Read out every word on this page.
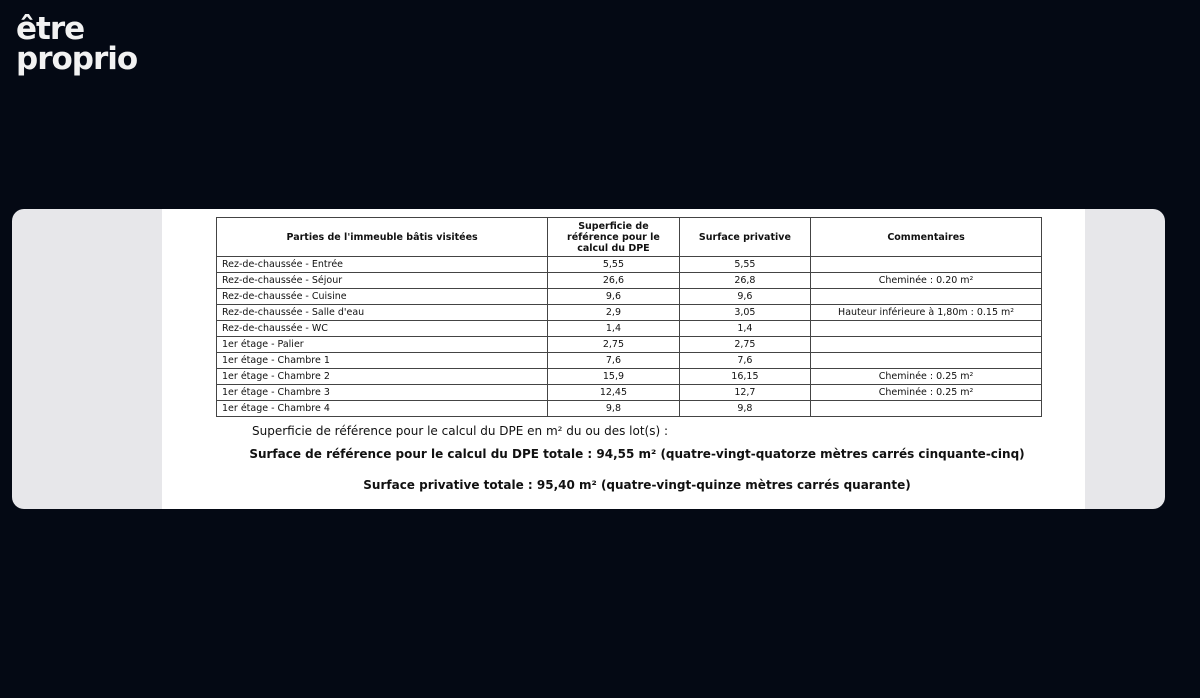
être
proprio
Parties de l'immeuble bâtis visitées	Superficie de référence pour le calcul du DPE	Surface privative	Commentaires
Rez-de-chaussée - Entrée	5,55	5,55	
Rez-de-chaussée - Séjour	26,6	26,8	Cheminée : 0.20 m²
Rez-de-chaussée - Cuisine	9,6	9,6	
Rez-de-chaussée - Salle d'eau	2,9	3,05	Hauteur inférieure à 1,80m : 0.15 m²
Rez-de-chaussée - WC	1,4	1,4	
1er étage - Palier	2,75	2,75	
1er étage - Chambre 1	7,6	7,6	
1er étage - Chambre 2	15,9	16,15	Cheminée : 0.25 m²
1er étage - Chambre 3	12,45	12,7	Cheminée : 0.25 m²
1er étage - Chambre 4	9,8	9,8	
Superficie de référence pour le calcul du DPE en m² du ou des lot(s) :
Surface de référence pour le calcul du DPE totale : 94,55 m² (quatre-vingt-quatorze mètres carrés cinquante-cinq)
Surface privative totale : 95,40 m² (quatre-vingt-quinze mètres carrés quarante)
